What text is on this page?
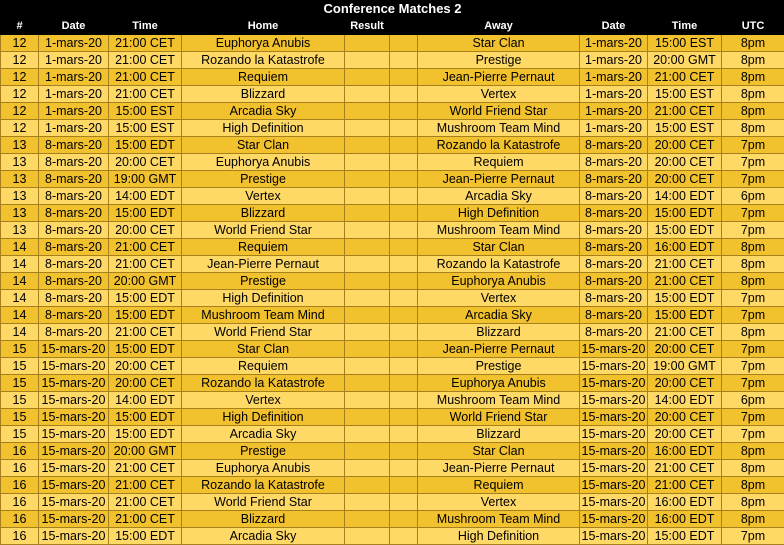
Conference Matches 2									
#	Date	Time	Home	Result		Away	Date	Time	UTC
12	1-mars-20	21:00 CET	Euphorya Anubis			Star Clan	1-mars-20	15:00 EST	8pm
12	1-mars-20	21:00 CET	Rozando la Katastrofe			Prestige	1-mars-20	20:00 GMT	8pm
12	1-mars-20	21:00 CET	Requiem			Jean-Pierre Pernaut	1-mars-20	21:00 CET	8pm
12	1-mars-20	21:00 CET	Blizzard			Vertex	1-mars-20	15:00 EST	8pm
12	1-mars-20	15:00 EST	Arcadia Sky			World Friend Star	1-mars-20	21:00 CET	8pm
12	1-mars-20	15:00 EST	High Definition			Mushroom Team Mind	1-mars-20	15:00 EST	8pm
13	8-mars-20	15:00 EDT	Star Clan			Rozando la Katastrofe	8-mars-20	20:00 CET	7pm
13	8-mars-20	20:00 CET	Euphorya Anubis			Requiem	8-mars-20	20:00 CET	7pm
13	8-mars-20	19:00 GMT	Prestige			Jean-Pierre Pernaut	8-mars-20	20:00 CET	7pm
13	8-mars-20	14:00 EDT	Vertex			Arcadia Sky	8-mars-20	14:00 EDT	6pm
13	8-mars-20	15:00 EDT	Blizzard			High Definition	8-mars-20	15:00 EDT	7pm
13	8-mars-20	20:00 CET	World Friend Star			Mushroom Team Mind	8-mars-20	15:00 EDT	7pm
14	8-mars-20	21:00 CET	Requiem			Star Clan	8-mars-20	16:00 EDT	8pm
14	8-mars-20	21:00 CET	Jean-Pierre Pernaut			Rozando la Katastrofe	8-mars-20	21:00 CET	8pm
14	8-mars-20	20:00 GMT	Prestige			Euphorya Anubis	8-mars-20	21:00 CET	8pm
14	8-mars-20	15:00 EDT	High Definition			Vertex	8-mars-20	15:00 EDT	7pm
14	8-mars-20	15:00 EDT	Mushroom Team Mind			Arcadia Sky	8-mars-20	15:00 EDT	7pm
14	8-mars-20	21:00 CET	World Friend Star			Blizzard	8-mars-20	21:00 CET	8pm
15	15-mars-20	15:00 EDT	Star Clan			Jean-Pierre Pernaut	15-mars-20	20:00 CET	7pm
15	15-mars-20	20:00 CET	Requiem			Prestige	15-mars-20	19:00 GMT	7pm
15	15-mars-20	20:00 CET	Rozando la Katastrofe			Euphorya Anubis	15-mars-20	20:00 CET	7pm
15	15-mars-20	14:00 EDT	Vertex			Mushroom Team Mind	15-mars-20	14:00 EDT	6pm
15	15-mars-20	15:00 EDT	High Definition			World Friend Star	15-mars-20	20:00 CET	7pm
15	15-mars-20	15:00 EDT	Arcadia Sky			Blizzard	15-mars-20	20:00 CET	7pm
16	15-mars-20	20:00 GMT	Prestige			Star Clan	15-mars-20	16:00 EDT	8pm
16	15-mars-20	21:00 CET	Euphorya Anubis			Jean-Pierre Pernaut	15-mars-20	21:00 CET	8pm
16	15-mars-20	21:00 CET	Rozando la Katastrofe			Requiem	15-mars-20	21:00 CET	8pm
16	15-mars-20	21:00 CET	World Friend Star			Vertex	15-mars-20	16:00 EDT	8pm
16	15-mars-20	21:00 CET	Blizzard			Mushroom Team Mind	15-mars-20	16:00 EDT	8pm
16	15-mars-20	15:00 EDT	Arcadia Sky			High Definition	15-mars-20	15:00 EDT	7pm
